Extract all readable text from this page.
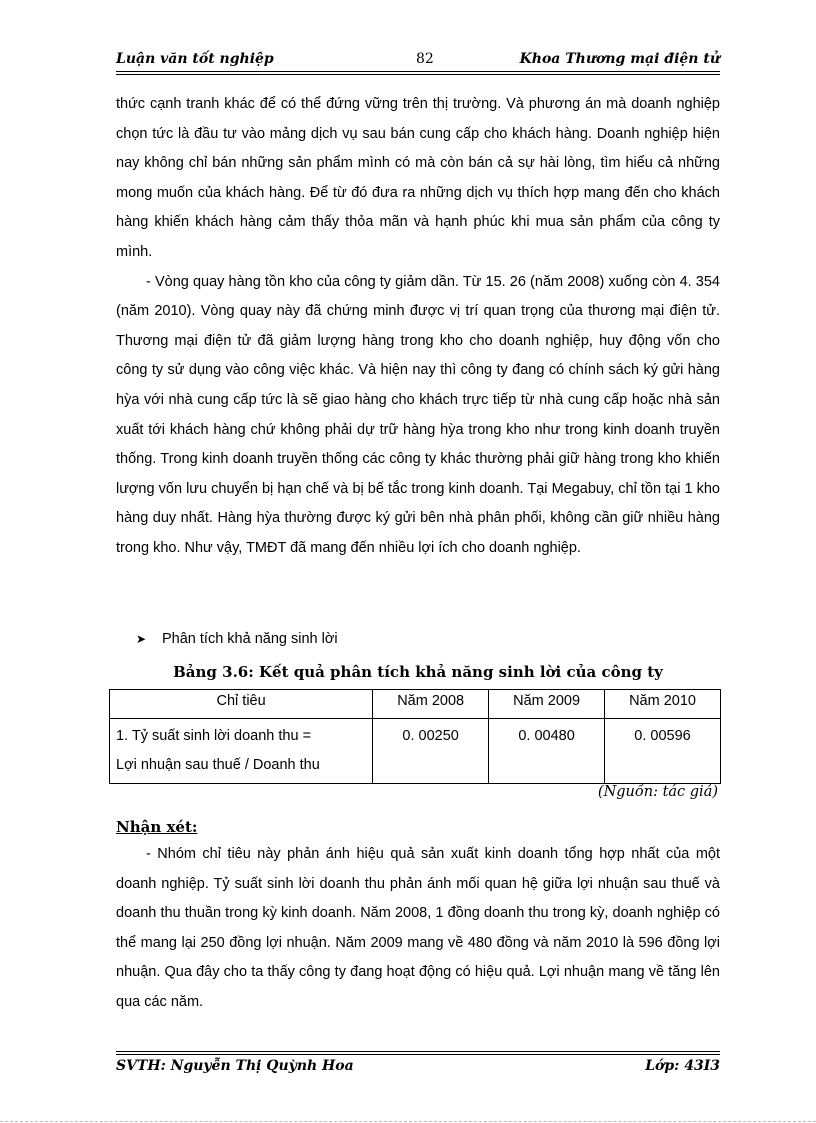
Luận văn tốt nghiệp	82	Khoa Thương mại điện tử

thức cạnh tranh khác để có thể đứng vững trên thị trường. Và phương án mà doanh nghiệp chọn tức là đầu tư vào mảng dịch vụ sau bán cung cấp cho khách hàng. Doanh nghiệp hiện nay không chỉ bán những sản phẩm mình có mà còn bán cả sự hài lòng, tìm hiểu cả những mong muốn của khách hàng. Để từ đó đưa ra những dịch vụ thích hợp mang đến cho khách hàng khiến khách hàng cảm thấy thỏa mãn và hạnh phúc khi mua sản phẩm của công ty mình.

- Vòng quay hàng tồn kho của công ty giảm dần. Từ 15. 26 (năm 2008) xuống còn 4. 354 (năm 2010). Vòng quay này đã chứng minh được vị trí quan trọng của thương mại điện tử. Thương mại điện tử đã giảm lượng hàng trong kho cho doanh nghiệp, huy động vốn cho công ty sử dụng vào công việc khác. Và hiện nay thì công ty đang có chính sách ký gửi hàng hỳa với nhà cung cấp tức là sẽ giao hàng cho khách trực tiếp từ nhà cung cấp hoặc nhà sản xuất tới khách hàng chứ không phải dự trữ hàng hỳa trong kho như trong kinh doanh truyền thống. Trong kinh doanh truyền thống các công ty khác thường phải giữ hàng trong kho khiến lượng vốn lưu chuyển bị hạn chế và bị bế tắc trong kinh doanh. Tại Megabuy, chỉ tồn tại 1 kho hàng duy nhất. Hàng hỳa thường được ký gửi bên nhà phân phối, không cần giữ nhiều hàng trong kho. Như vậy, TMĐT đã mang đến nhiều lợi ích cho doanh nghiệp.

➤ Phân tích khả năng sinh lời
Bảng 3.6: Kết quả phân tích khả năng sinh lời của công ty
Chỉ tiêu	Năm 2008	Năm 2009	Năm 2010

1. Tỷ suất sinh lời doanh thu =
Lợi nhuận sau thuế / Doanh thu	0. 00250	0. 00480	0. 00596
(Nguồn: tác giả)
Nhận xét:

- Nhóm chỉ tiêu này phản ánh hiệu quả sản xuất kinh doanh tổng hợp nhất của một doanh nghiệp. Tỷ suất sinh lời doanh thu phản ánh mối quan hệ giữa lợi nhuận sau thuế và doanh thu thuần trong kỳ kinh doanh. Năm 2008, 1 đồng doanh thu trong kỳ, doanh nghiệp có thể mang lại 250 đồng lợi nhuận. Năm 2009 mang về 480 đồng và năm 2010 là 596 đồng lợi nhuận. Qua đây cho ta thấy công ty đang hoạt động có hiệu quả. Lợi nhuận mang về tăng lên qua các năm.

SVTH: Nguyễn Thị Quỳnh Hoa	Lớp: 43I3
